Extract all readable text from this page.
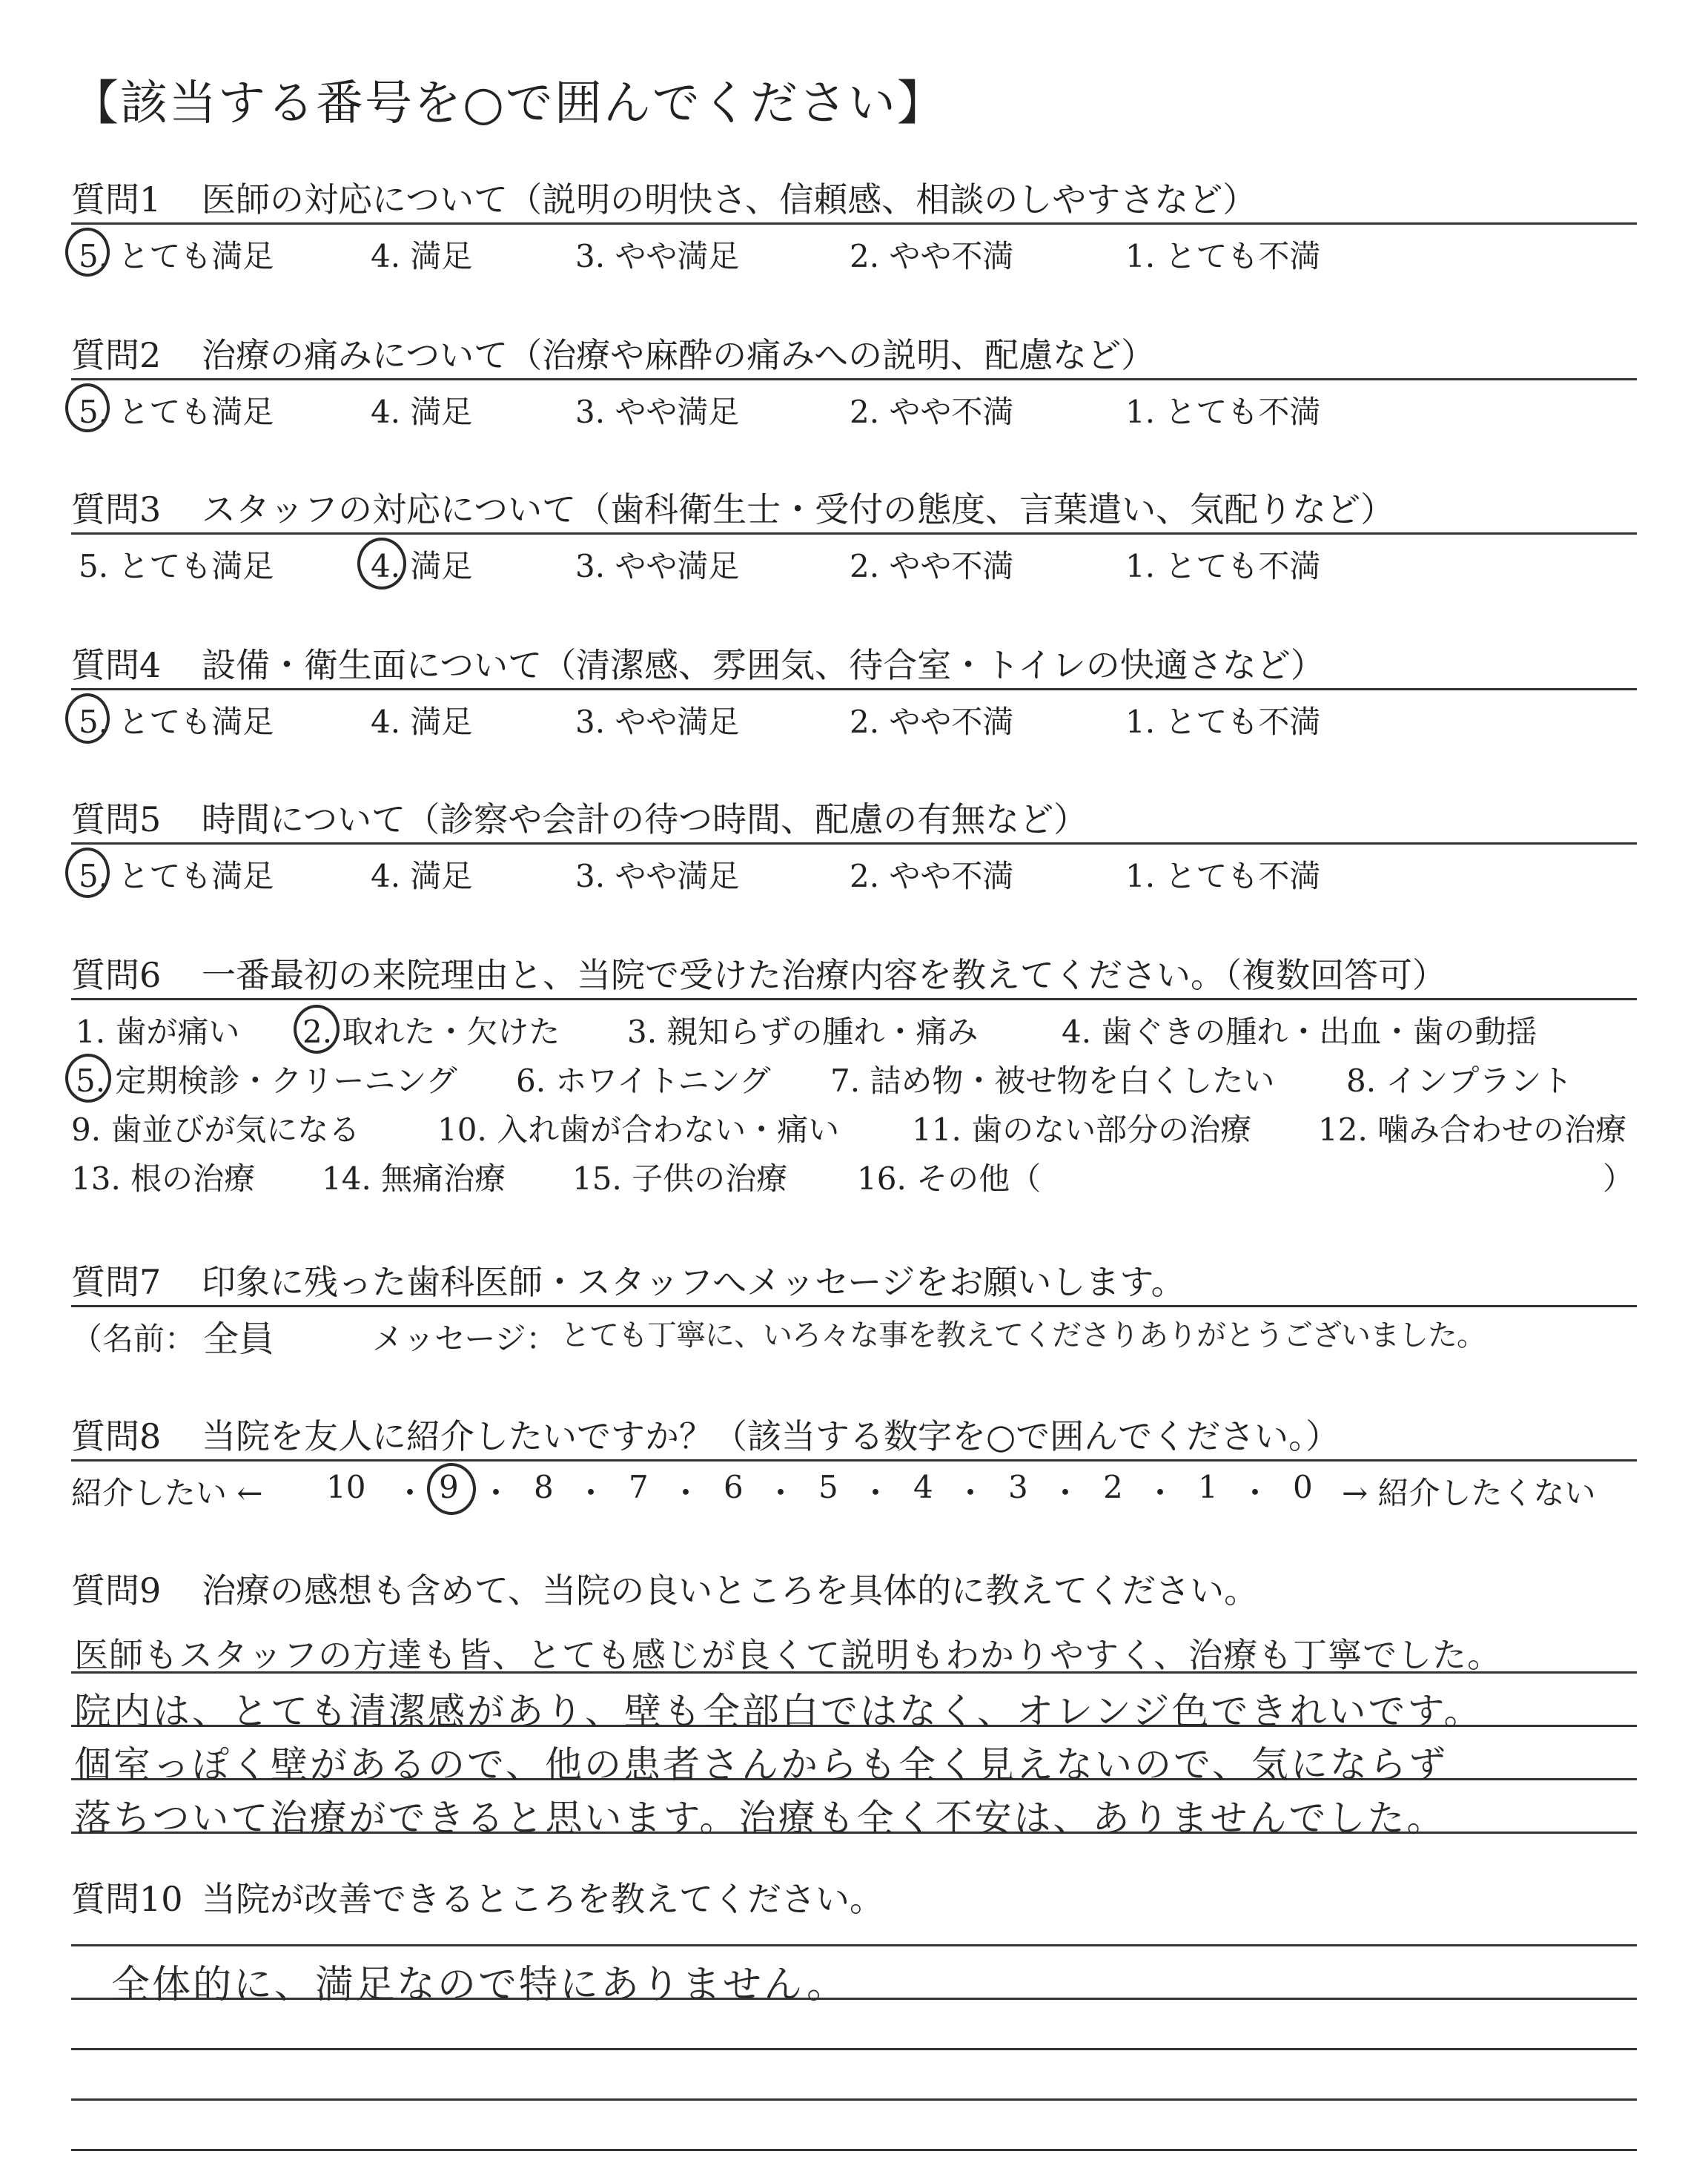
【該当する番号を○で囲んでください】
質問1 医師の対応について（説明の明快さ、信頼感、相談のしやすさなど）
5. とても満足	4. 満足	3. やや満足	2. やや不満	1. とても不満
質問2 治療の痛みについて（治療や麻酔の痛みへの説明、配慮など）
5. とても満足	4. 満足	3. やや満足	2. やや不満	1. とても不満
質問3 スタッフの対応について（歯科衛生士・受付の態度、言葉遣い、気配りなど）
5. とても満足	4. 満足	3. やや満足	2. やや不満	1. とても不満
質問4 設備・衛生面について（清潔感、雰囲気、待合室・トイレの快適さなど）
5. とても満足	4. 満足	3. やや満足	2. やや不満	1. とても不満
質問5 時間について（診察や会計の待つ時間、配慮の有無など）
5. とても満足	4. 満足	3. やや満足	2. やや不満	1. とても不満
質問6 一番最初の来院理由と、当院で受けた治療内容を教えてください。（複数回答可）
1. 歯が痛い 2. 取れた・欠けた 3. 親知らずの腫れ・痛み	4. 歯ぐきの腫れ・出血・歯の動揺
5. 定期検診・クリーニング 6. ホワイトニング 7. 詰め物・被せ物を白くしたい 8. インプラント
9. 歯並びが気になる 10. 入れ歯が合わない・痛い 11. 歯のない部分の治療 12. 噛み合わせの治療
13. 根の治療 14. 無痛治療 15. 子供の治療 16. その他（	）
質問7 印象に残った歯科医師・スタッフへメッセージをお願いします。
（名前： 全員	メッセージ： とても丁寧に、いろ々な事を教えてくださりありがとうございました。
質問8 当院を友人に紹介したいですか？（該当する数字を○で囲んでください。）
紹介したい ← 10 ・ 9 ・ 8 ・ 7 ・ 6 ・ 5 ・ 4 ・ 3 ・ 2 ・ 1 ・ 0 → 紹介したくない
質問9 治療の感想も含めて、当院の良いところを具体的に教えてください。
医師もスタッフの方達も皆、とても感じが良くて説明もわかりやすく、治療も丁寧でした。
院内は、とても清潔感があり、壁も全部白ではなく、オレンジ色できれいです。
個室っぽく壁があるので、他の患者さんからも全く見えないので、気にならず
落ちついて治療ができると思います。治療も全く不安は、ありませんでした。
質問10 当院が改善できるところを教えてください。
全体的に、満足なので特にありません。
